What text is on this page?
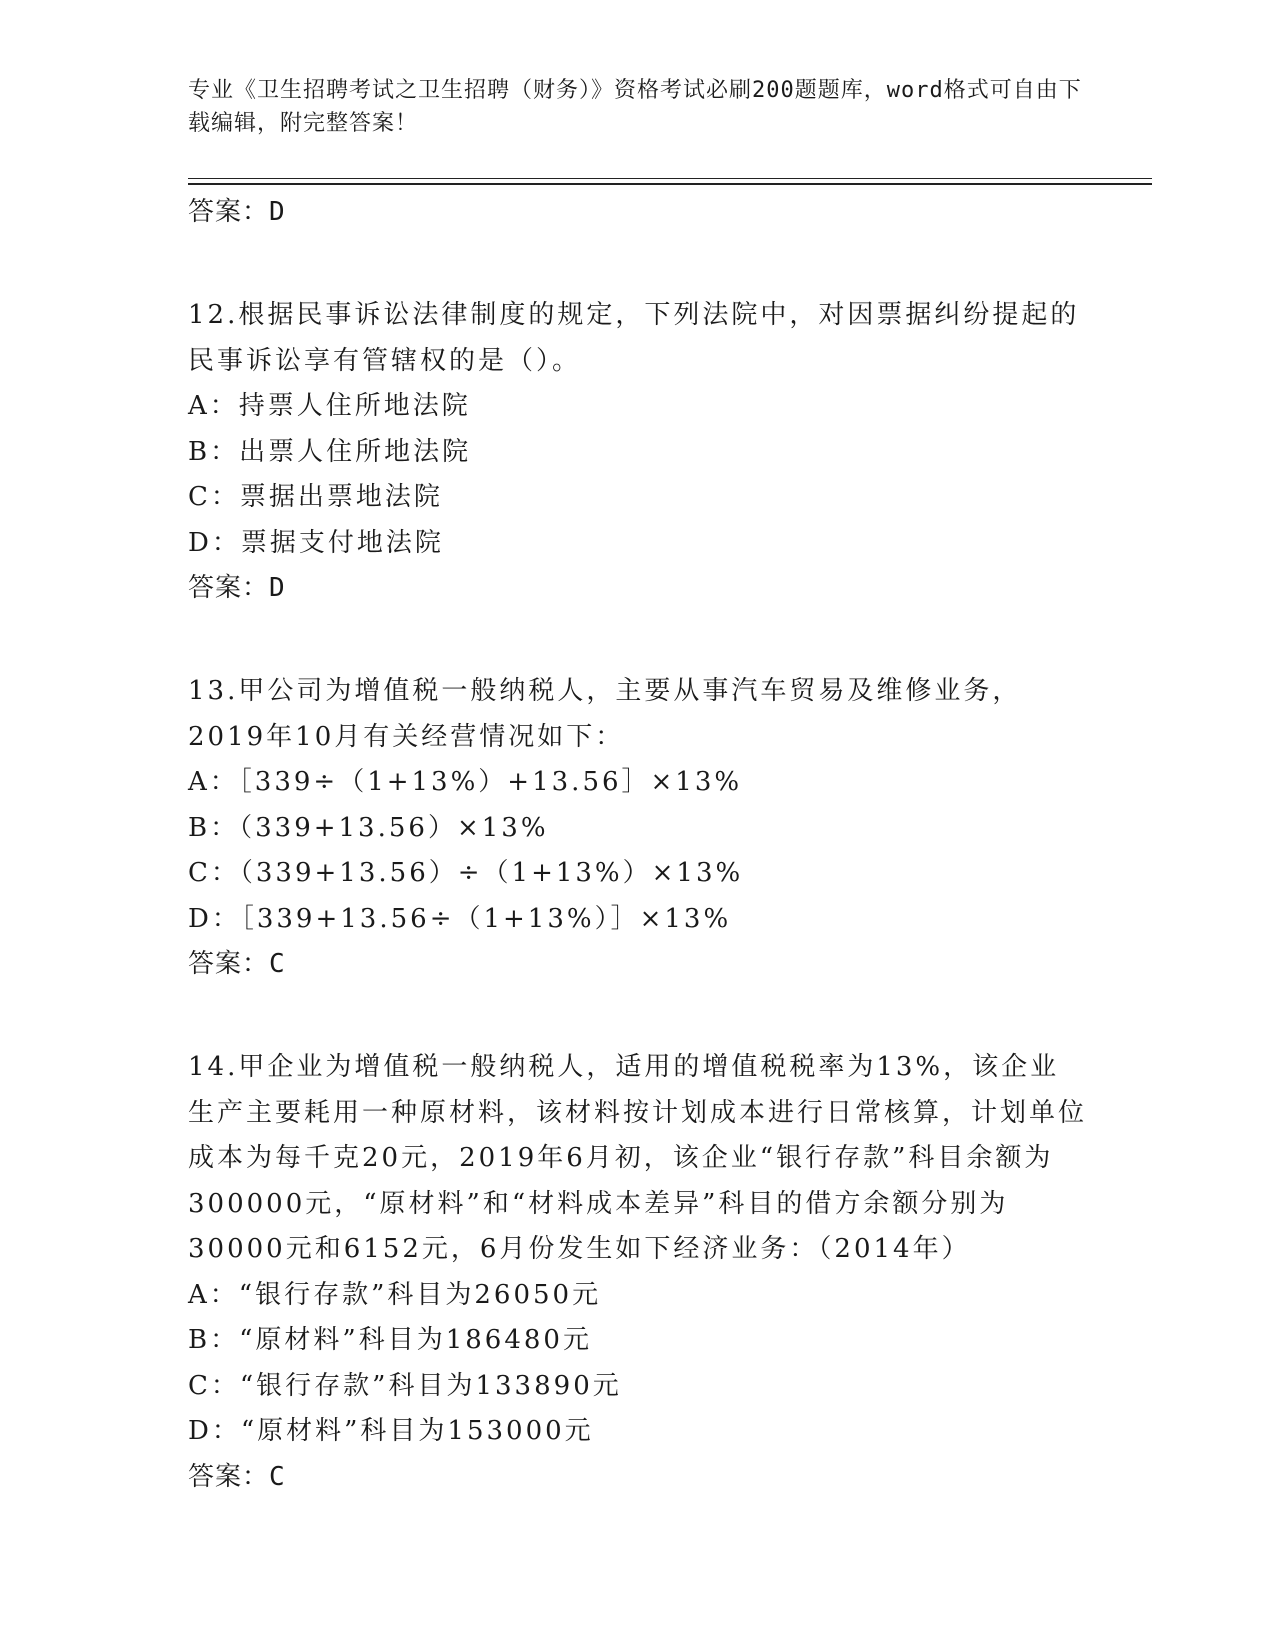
专业《卫生招聘考试之卫生招聘（财务）》资格考试必刷200题题库，word格式可自由下载编辑，附完整答案！
答案：D
12.根据民事诉讼法律制度的规定，下列法院中，对因票据纠纷提起的民事诉讼享有管辖权的是（）。
A：持票人住所地法院
B：出票人住所地法院
C：票据出票地法院
D：票据支付地法院
答案：D
13.甲公司为增值税一般纳税人，主要从事汽车贸易及维修业务，2019年10月有关经营情况如下：
A：［339÷（1+13%）+13.56］×13%
B：（339+13.56）×13%
C：（339+13.56）÷（1+13%）×13%
D：［339+13.56÷（1+13%）］×13%
答案：C
14.甲企业为增值税一般纳税人，适用的增值税税率为13%，该企业生产主要耗用一种原材料，该材料按计划成本进行日常核算，计划单位成本为每千克20元，2019年6月初，该企业“银行存款”科目余额为300000元，“原材料”和“材料成本差异”科目的借方余额分别为30000元和6152元，6月份发生如下经济业务：（2014年）
A：“银行存款”科目为26050元
B：“原材料”科目为186480元
C：“银行存款”科目为133890元
D：“原材料”科目为153000元
答案：C
